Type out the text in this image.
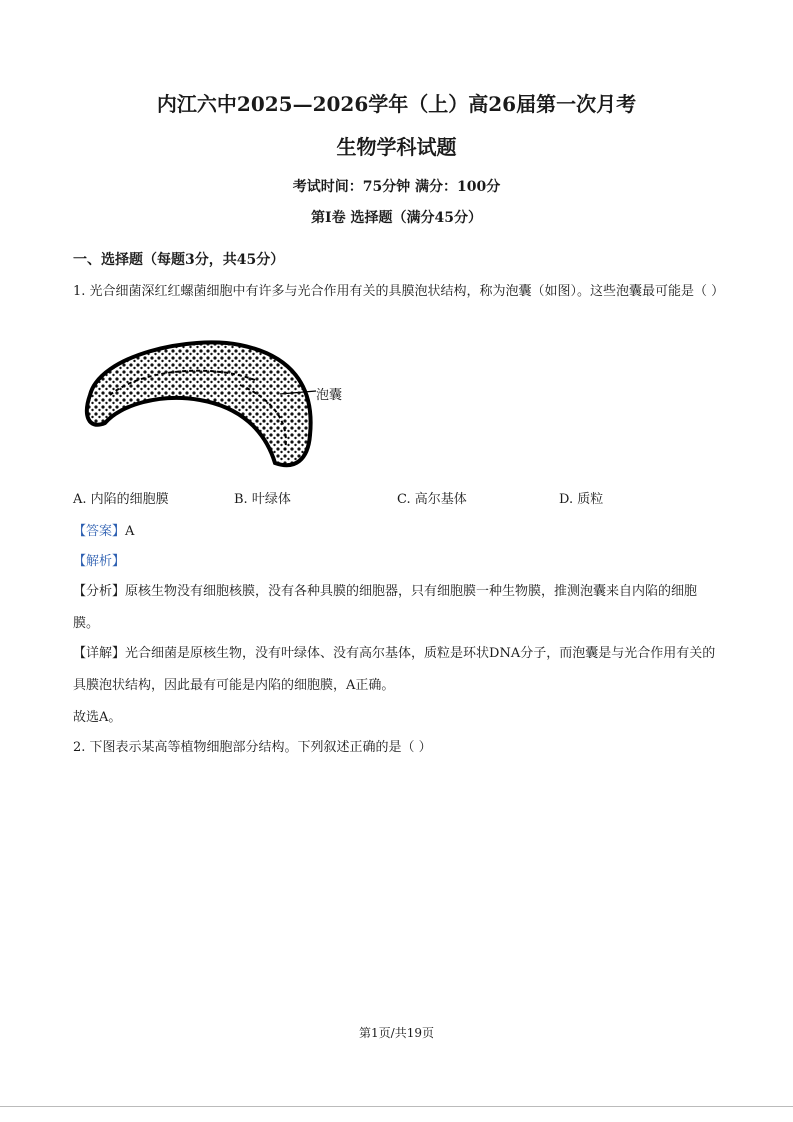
内江六中2025—2026学年（上）高26届第一次月考
生物学科试题
考试时间：75分钟 满分：100分
第Ⅰ卷 选择题（满分45分）
一、选择题（每题3分，共45分）
1. 光合细菌深红红螺菌细胞中有许多与光合作用有关的具膜泡状结构，称为泡囊（如图）。这些泡囊最可能是（ ）
泡囊
A. 内陷的细胞膜	B. 叶绿体	C. 高尔基体	D. 质粒
【答案】A
【解析】
【分析】原核生物没有细胞核膜，没有各种具膜的细胞器，只有细胞膜一种生物膜，推测泡囊来自内陷的细胞膜。
【详解】光合细菌是原核生物，没有叶绿体、没有高尔基体，质粒是环状DNA分子，而泡囊是与光合作用有关的具膜泡状结构，因此最有可能是内陷的细胞膜，A正确。
故选A。
2. 下图表示某高等植物细胞部分结构。下列叙述正确的是（ ）
第1页/共19页
